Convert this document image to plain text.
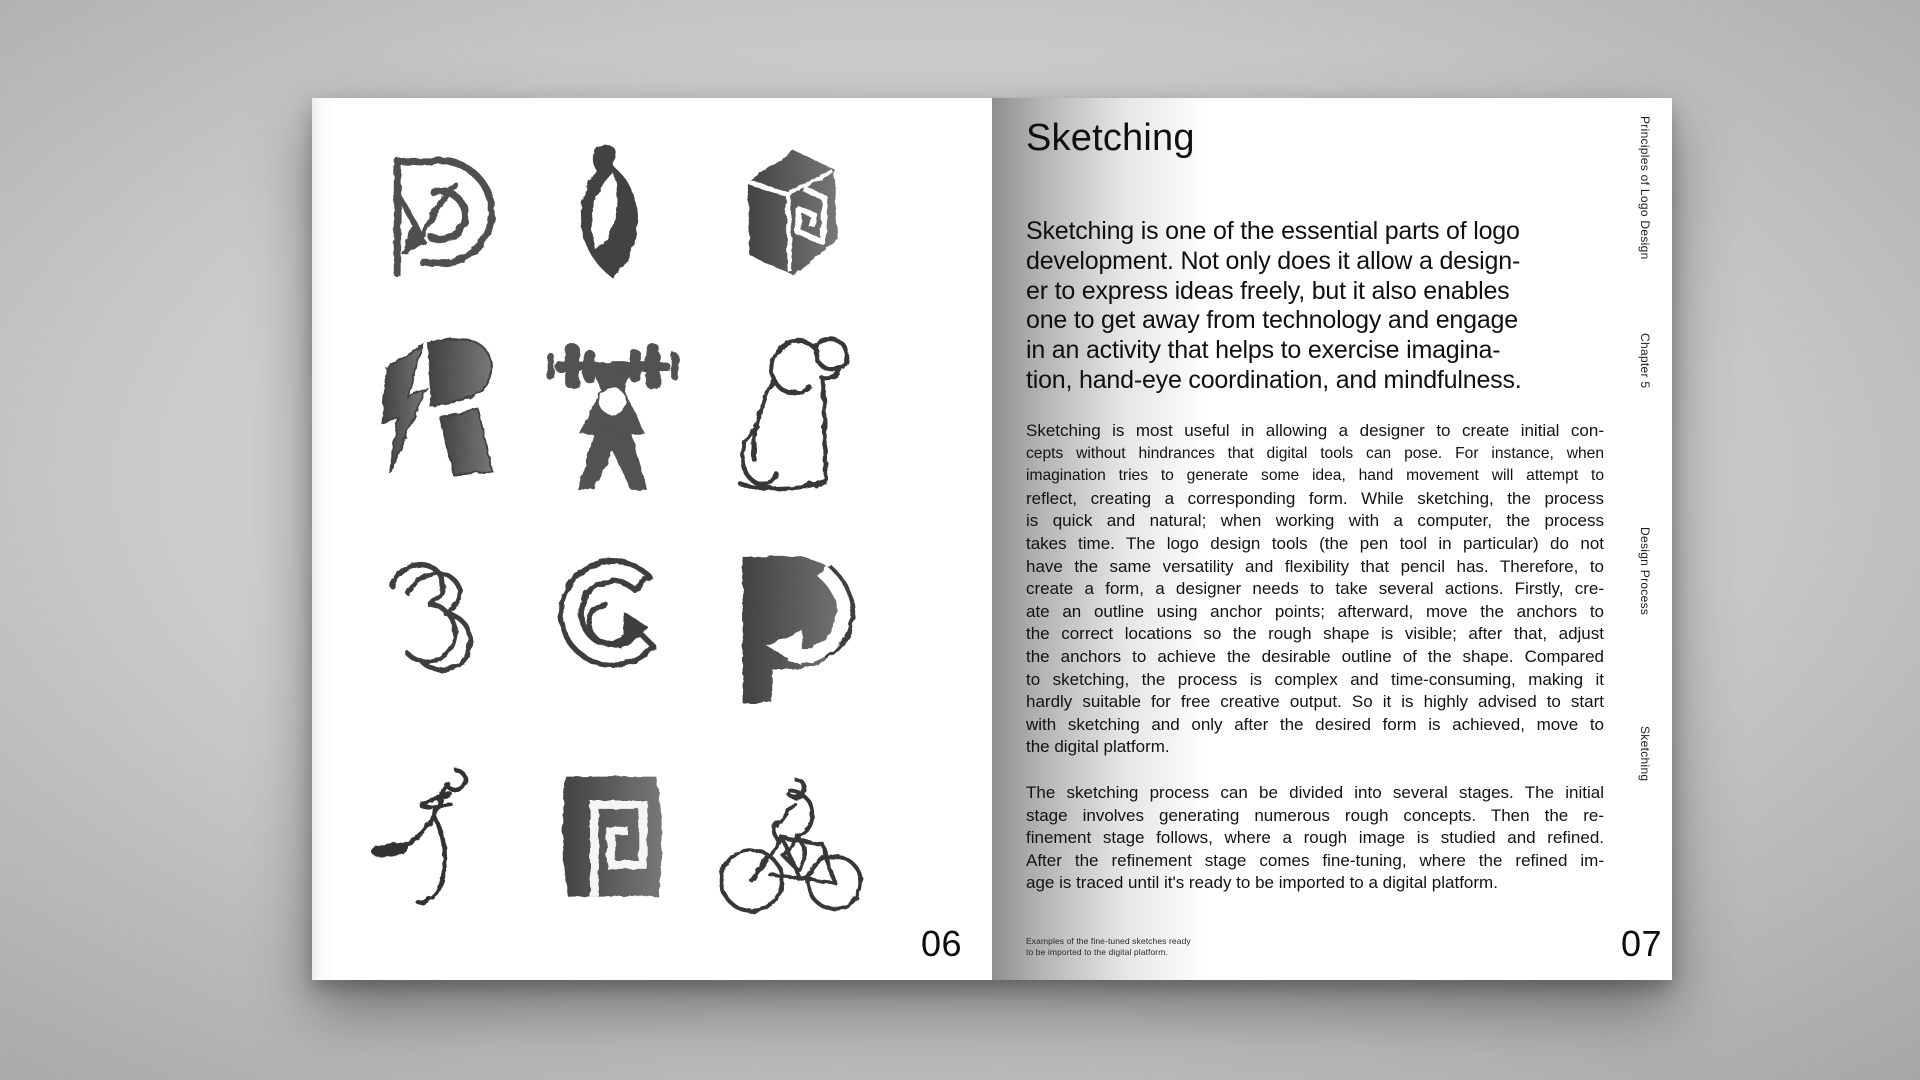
06
Sketching
Sketching is one of the essential parts of logo
development. Not only does it allow a design-
er to express ideas freely, but it also enables
one to get away from technology and engage
in an activity that helps to exercise imagina-
tion, hand-eye coordination, and mindfulness.
Sketching is most useful in allowing a designer to create initial con-
cepts without hindrances that digital tools can pose. For instance, when
imagination tries to generate some idea, hand movement will attempt to
reflect, creating a corresponding form. While sketching, the process
is quick and natural; when working with a computer, the process
takes time. The logo design tools (the pen tool in particular) do not
have the same versatility and flexibility that pencil has. Therefore, to
create a form, a designer needs to take several actions. Firstly, cre-
ate an outline using anchor points; afterward, move the anchors to
the correct locations so the rough shape is visible; after that, adjust
the anchors to achieve the desirable outline of the shape. Compared
to sketching, the process is complex and time-consuming, making it
hardly suitable for free creative output. So it is highly advised to start
with sketching and only after the desired form is achieved, move to
the digital platform.
The sketching process can be divided into several stages. The initial
stage involves generating numerous rough concepts. Then the re-
finement stage follows, where a rough image is studied and refined.
After the refinement stage comes fine-tuning, where the refined im-
age is traced until it's ready to be imported to a digital platform.
Examples of the fine-tuned sketches ready
to be imported to the digital platform.
Principles of Logo Design
Chapter 5
Design Process
Sketching
07
